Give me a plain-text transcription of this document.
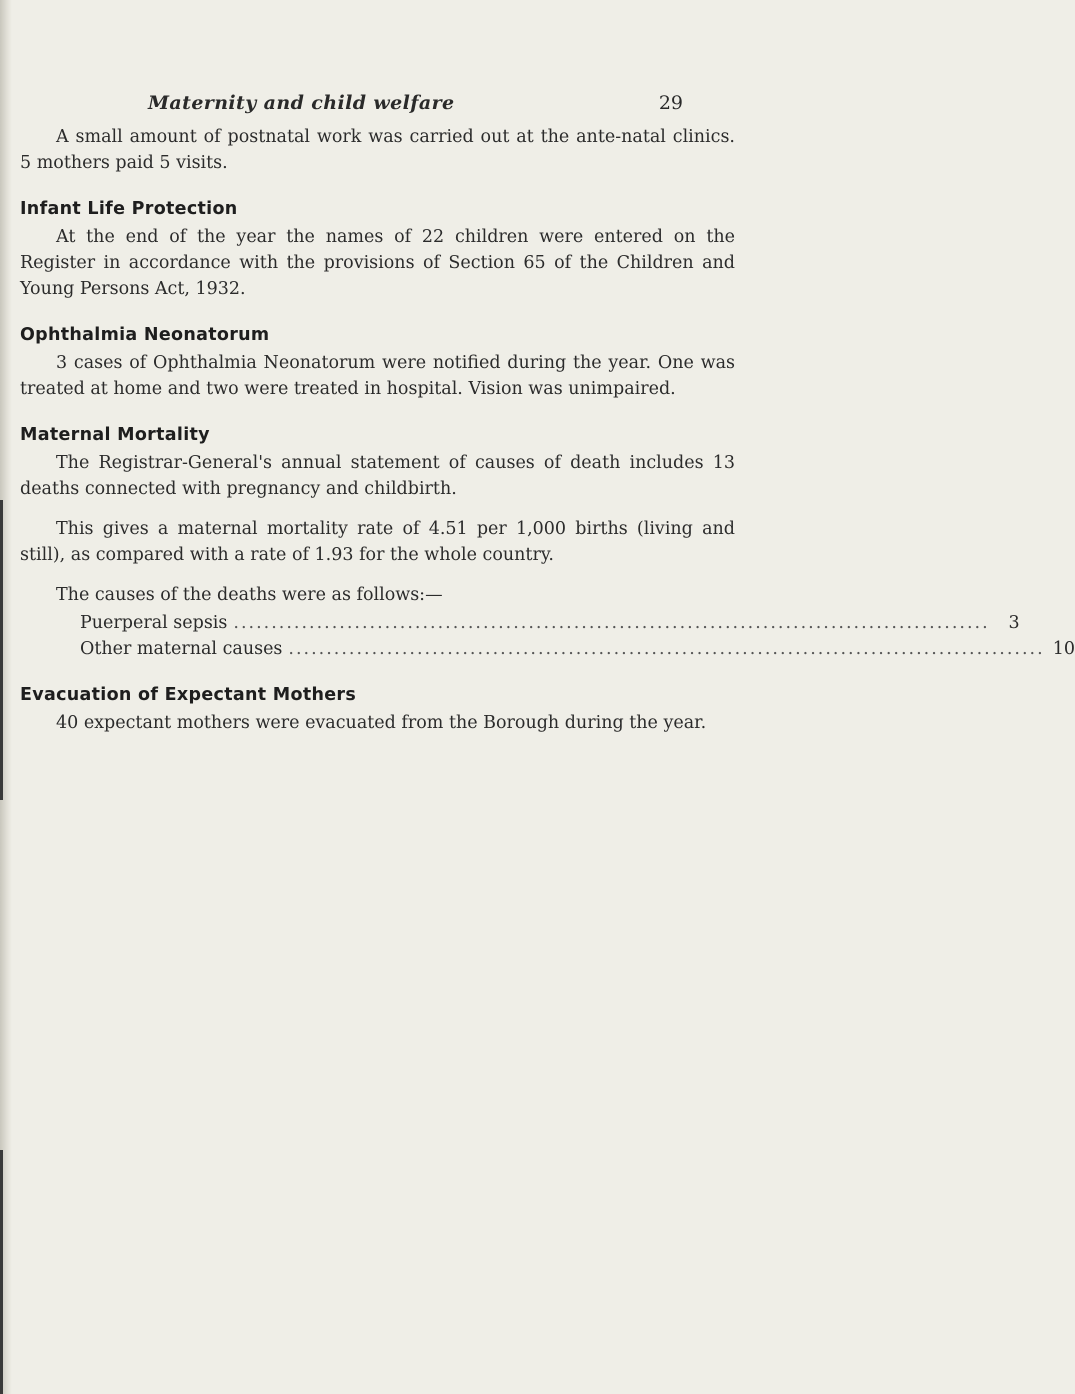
Maternity and child welfare	29

A small amount of postnatal work was carried out at the ante-natal clinics. 5 mothers paid 5 visits.

Infant Life Protection

At the end of the year the names of 22 children were entered on the Register in accordance with the provisions of Section 65 of the Children and Young Persons Act, 1932.

Ophthalmia Neonatorum

3 cases of Ophthalmia Neonatorum were notified during the year. One was treated at home and two were treated in hospital. Vision was unimpaired.

Maternal Mortality

The Registrar-General's annual statement of causes of death includes 13 deaths connected with pregnancy and childbirth.

This gives a maternal mortality rate of 4.51 per 1,000 births (living and still), as compared with a rate of 1.93 for the whole country.

The causes of the deaths were as follows:—

Puerperal sepsis ....................................................................................................	3
Other maternal causes .................................................................................................... 10
Evacuation of Expectant Mothers

40 expectant mothers were evacuated from the Borough during the year.
